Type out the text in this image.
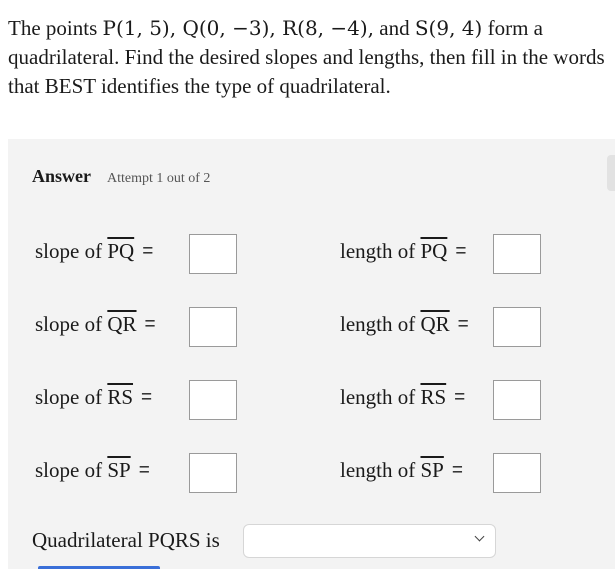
The points P(1, 5), Q(0, −3), R(8, −4), and S(9, 4) form a quadrilateral. Find the desired slopes and lengths, then fill in the words that BEST identifies the type of quadrilateral.
Answer Attempt 1 out of 2
slope of
$\overline{PQ}$ =
slope of
$\overline{QR}$ =
slope of
$\overline{RS}$ =
slope of
$\overline{SP}$ =
length of
$\overline{PQ}$ =
length of
$\overline{QR}$ =
length of
$\overline{RS}$ =
length of
$\overline{SP}$ =
Quadrilateral PQRS is
